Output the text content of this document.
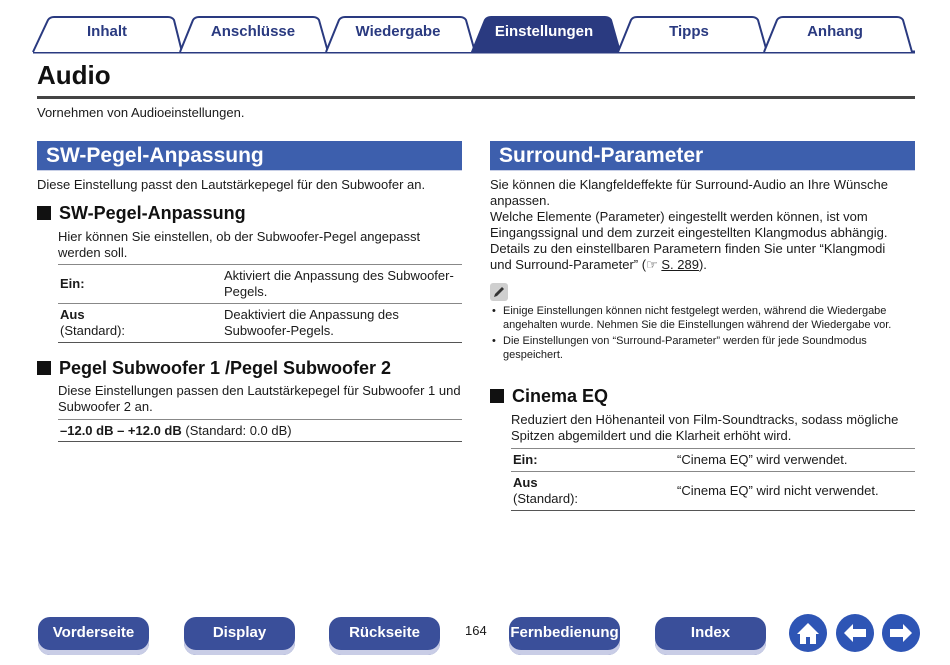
Inhalt	Anschlüsse	Wiedergabe	Einstellungen	Tipps	Anhang
Audio
Vornehmen von Audioeinstellungen.
SW-Pegel-Anpassung
Diese Einstellung passt den Lautstärkepegel für den Subwoofer an.
SW-Pegel-Anpassung
Hier können Sie einstellen, ob der Subwoofer-Pegel angepasst werden soll.
Ein:	Aktiviert die Anpassung des Subwoofer-Pegels.
Aus
(Standard):	Deaktiviert die Anpassung des Subwoofer-Pegels.
Pegel Subwoofer 1 /Pegel Subwoofer 2
Diese Einstellungen passen den Lautstärkepegel für Subwoofer 1 und Subwoofer 2 an.
–12.0 dB – +12.0 dB (Standard: 0.0 dB)
Surround-Parameter
Sie können die Klangfeldeffekte für Surround-Audio an Ihre Wünsche anpassen.
Welche Elemente (Parameter) eingestellt werden können, ist vom Eingangssignal und dem zurzeit eingestellten Klangmodus abhängig.
Details zu den einstellbaren Parametern finden Sie unter “Klangmodi und Surround-Parameter” (☞ S. 289).
• Einige Einstellungen können nicht festgelegt werden, während die Wiedergabe angehalten wurde. Nehmen Sie die Einstellungen während der Wiedergabe vor.
• Die Einstellungen von “Surround-Parameter” werden für jede Soundmodus gespeichert.
Cinema EQ
Reduziert den Höhenanteil von Film-Soundtracks, sodass mögliche Spitzen abgemildert und die Klarheit erhöht wird.
Ein:	“Cinema EQ” wird verwendet.
Aus
(Standard):	“Cinema EQ” wird nicht verwendet.
Vorderseite	Display	Rückseite	164 Fernbedienung	Index
